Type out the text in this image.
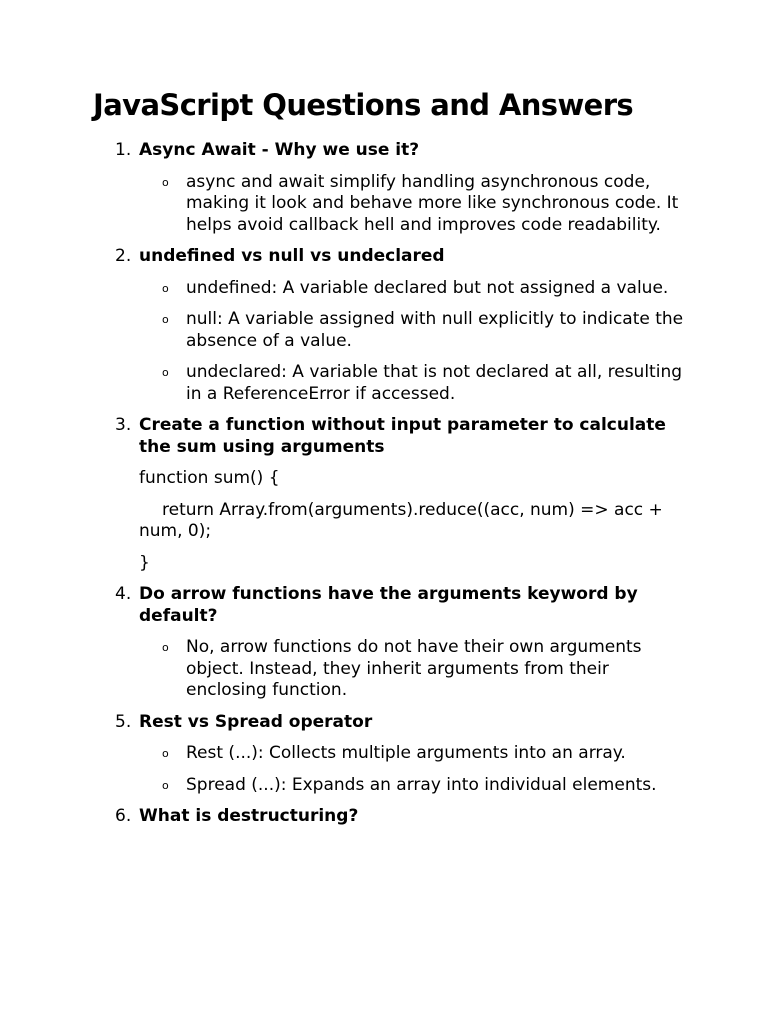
JavaScript Questions and Answers
1. Async Await - Why we use it?
o async and await simplify handling asynchronous code, making it look and behave more like synchronous code. It helps avoid callback hell and improves code readability.
2. undefined vs null vs undeclared
o undefined: A variable declared but not assigned a value.
o null: A variable assigned with null explicitly to indicate the absence of a value.
o undeclared: A variable that is not declared at all, resulting in a ReferenceError if accessed.
3. Create a function without input parameter to calculate the sum using arguments
function sum() {
return Array.from(arguments).reduce((acc, num) => acc + num, 0);
}
4. Do arrow functions have the arguments keyword by default?
o No, arrow functions do not have their own arguments object. Instead, they inherit arguments from their enclosing function.
5. Rest vs Spread operator
o Rest (...): Collects multiple arguments into an array.
o Spread (...): Expands an array into individual elements.
6. What is destructuring?
